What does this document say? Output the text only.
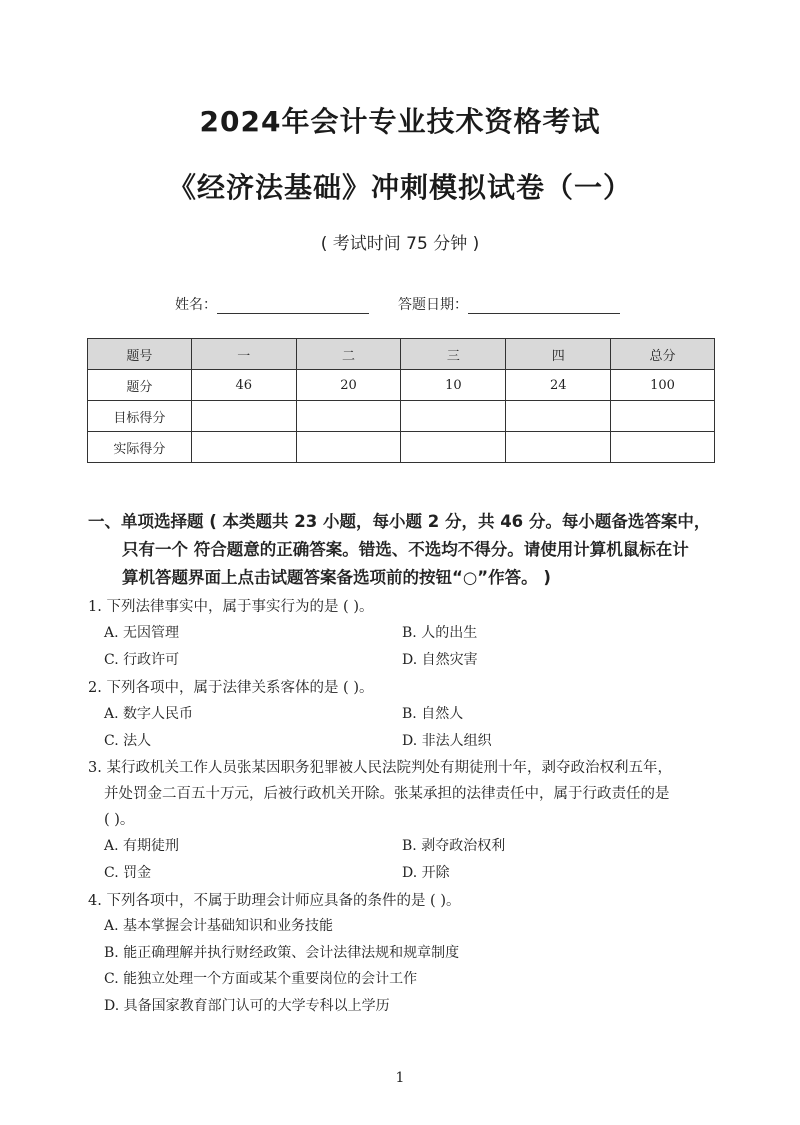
2024年会计专业技术资格考试
《经济法基础》冲刺模拟试卷（一）
( 考试时间 75 分钟 )
姓名：	答题日期：
题号	一	二	三	四	总分
题分	46	20	10	24	100
目标得分					
实际得分					
一、单项选择题 ( 本类题共 23 小题，每小题 2 分，共 46 分。每小题备选答案中，
只有一个 符合题意的正确答案。错选、不选均不得分。请使用计算机鼠标在计
算机答题界面上点击试题答案备选项前的按钮“○”作答。 )
1. 下列法律事实中，属于事实行为的是 ( )。
A. 无因管理	B. 人的出生
C. 行政许可	D. 自然灾害
2. 下列各项中，属于法律关系客体的是 ( )。
A. 数字人民币	B. 自然人
C. 法人	D. 非法人组织
3. 某行政机关工作人员张某因职务犯罪被人民法院判处有期徒刑十年，剥夺政治权利五年，
并处罚金二百五十万元，后被行政机关开除。张某承担的法律责任中，属于行政责任的是
( )。
A. 有期徒刑	B. 剥夺政治权利
C. 罚金	D. 开除
4. 下列各项中，不属于助理会计师应具备的条件的是 ( )。
A. 基本掌握会计基础知识和业务技能
B. 能正确理解并执行财经政策、会计法律法规和规章制度
C. 能独立处理一个方面或某个重要岗位的会计工作
D. 具备国家教育部门认可的大学专科以上学历
1
